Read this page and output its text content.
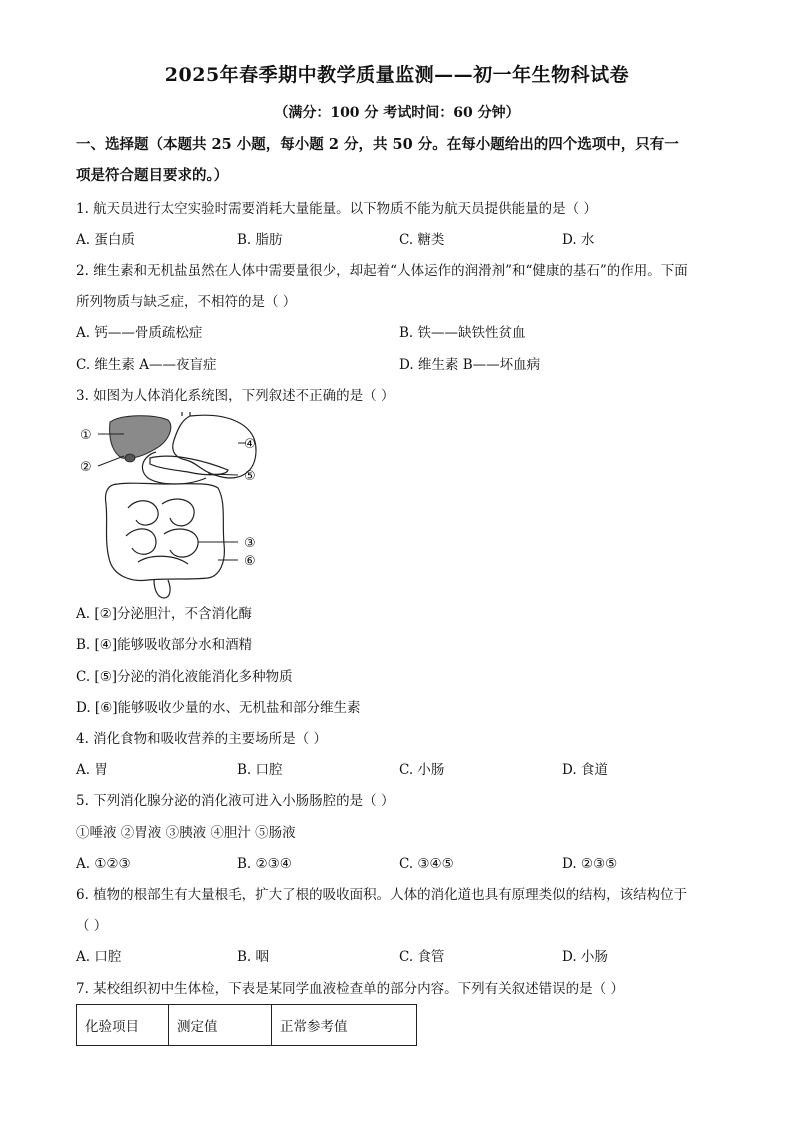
2025年春季期中教学质量监测——初一年生物科试卷
（满分：100 分 考试时间：60 分钟）
一、选择题（本题共 25 小题，每小题 2 分，共 50 分。在每小题给出的四个选项中，只有一
项是符合题目要求的。）
1. 航天员进行太空实验时需要消耗大量能量。以下物质不能为航天员提供能量的是（ ）
A. 蛋白质	B. 脂肪	C. 糖类	D. 水
2. 维生素和无机盐虽然在人体中需要量很少，却起着“人体运作的润滑剂”和“健康的基石”的作用。下面
所列物质与缺乏症，不相符的是（ ）
A. 钙——骨质疏松症	B. 铁——缺铁性贫血
C. 维生素 A——夜盲症	D. 维生素 B——坏血病
3. 如图为人体消化系统图，下列叙述不正确的是（ ）
①
②
③
④
⑤
⑥
A. [②]分泌胆汁，不含消化酶
B. [④]能够吸收部分水和酒精
C. [⑤]分泌的消化液能消化多种物质
D. [⑥]能够吸收少量的水、无机盐和部分维生素
4. 消化食物和吸收营养的主要场所是（ ）
A. 胃	B. 口腔	C. 小肠	D. 食道
5. 下列消化腺分泌的消化液可进入小肠肠腔的是（ ）
①唾液 ②胃液 ③胰液 ④胆汁 ⑤肠液
A. ①②③	B. ②③④	C. ③④⑤	D. ②③⑤
6. 植物的根部生有大量根毛，扩大了根的吸收面积。人体的消化道也具有原理类似的结构，该结构位于
（ ）
A. 口腔	B. 咽	C. 食管	D. 小肠
7. 某校组织初中生体检，下表是某同学血液检查单的部分内容。下列有关叙述错误的是（ ）
化验项目	测定值	正常参考值
